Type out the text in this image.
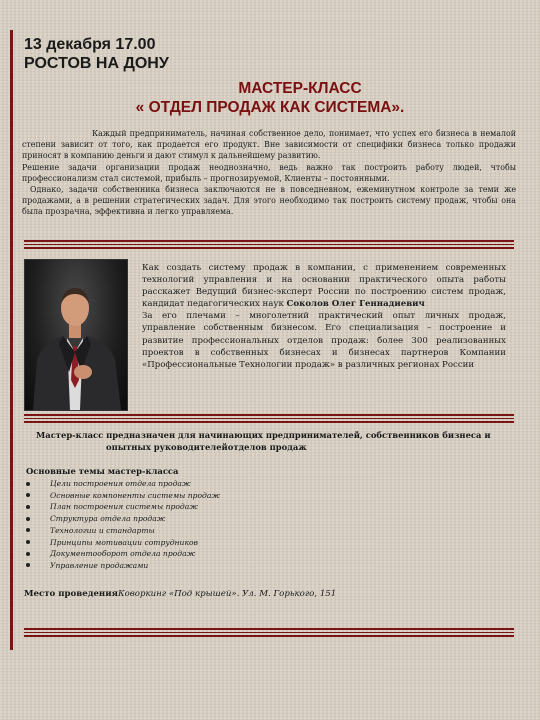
13 декабря 17.00
РОСТОВ НА ДОНУ
МАСТЕР-КЛАСС
« ОТДЕЛ ПРОДАЖ КАК СИСТЕМА».

Каждый предприниматель, начиная собственное дело, понимает, что успех его бизнеса в немалой степени зависит от того, как продается его продукт. Вне зависимости от специфики бизнеса только продажи приносят в компанию деньги и дают стимул к дальнейшему развитию.

Решение задачи организации продаж неоднозначно, ведь важно так построить работу людей, чтобы профессионализм стал системой, прибыль – прогнозируемой, Клиенты – постоянными.

Однако, задачи собственника бизнеса заключаются не в повседневном, ежеминутном контроле за теми же продажами, а в решении стратегических задач. Для этого необходимо так построить систему продаж, чтобы она была прозрачна, эффективна и легко управляема.

Как создать систему продаж в компании, с применением современных технологий управления и на основании практического опыта работы расскажет Ведущий бизнес-эксперт России по построению систем продаж, кандидат педагогических наук Соколов Олег Геннадиевич

За его плечами – многолетний практический опыт личных продаж, управление собственным бизнесом. Его специализация – построение и развитие профессиональных отделов продаж: более 300 реализованных проектов в собственных бизнесах и бизнесах партнеров Компании «Профессиональные Технологии продаж» в различных регионах России

Мастер-класс предназначен для начинающих предпринимателей, собственников бизнеса и
опытных руководителейотделов продаж
Основные темы мастер-класса
Цели построения отдела продаж
Основные компоненты системы продаж
План построения системы продаж
Структура отдела продаж
Технологии и стандарты
Принципы мотивации сотрудников
Документооборот отдела продаж
Управление продажами
Место проведенияКоворкинг «Под крышей». Ул. М. Горького, 151
